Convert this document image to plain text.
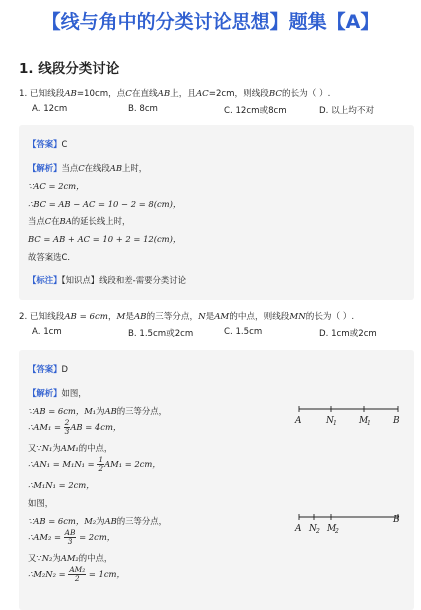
【线与角中的分类讨论思想】题集【A】
1. 线段分类讨论
1. 已知线段AB=10cm，点C在直线AB上，且AC=2cm，则线段BC的长为（ ）.
A. 12cm	B. 8cm	C. 12cm或8cm	D. 以上均不对
【答案】C
【解析】当点C在线段AB上时，
∵AC = 2cm，
∴BC = AB − AC = 10 − 2 = 8(cm)，
当点C在BA的延长线上时，
BC = AB + AC = 10 + 2 = 12(cm)，
故答案选C．
【标注】【知识点】线段和差-需要分类讨论
2. 已知线段AB = 6cm，M是AB的三等分点，N是AM的中点，则线段MN的长为（ ）.
A. 1cm	B. 1.5cm或2cm	C. 1.5cm	D. 1cm或2cm
【答案】D
【解析】如图，
∵AB = 6cm，M₁为AB的三等分点，
∴AM₁ = $\frac{2}{3}$ AB = 4cm，
又∵N₁为AM₁的中点，
∴AN₁ = $M_1N_1 = \frac{1}{2} AM_1 = 2cm$，
∴M₁N₁ = 2cm，
如图，
∵AB = 6cm，M₂为AB的三等分点，
∴AM₂ = $\frac{AB}{3} = 2cm$，
又∵N₂为AM₂的中点，
∴M₂N₂ = $\frac{\text{AM₂}}{2} = 1cm$，
A	N 1 M
1 B
A N 2 M
2
B
